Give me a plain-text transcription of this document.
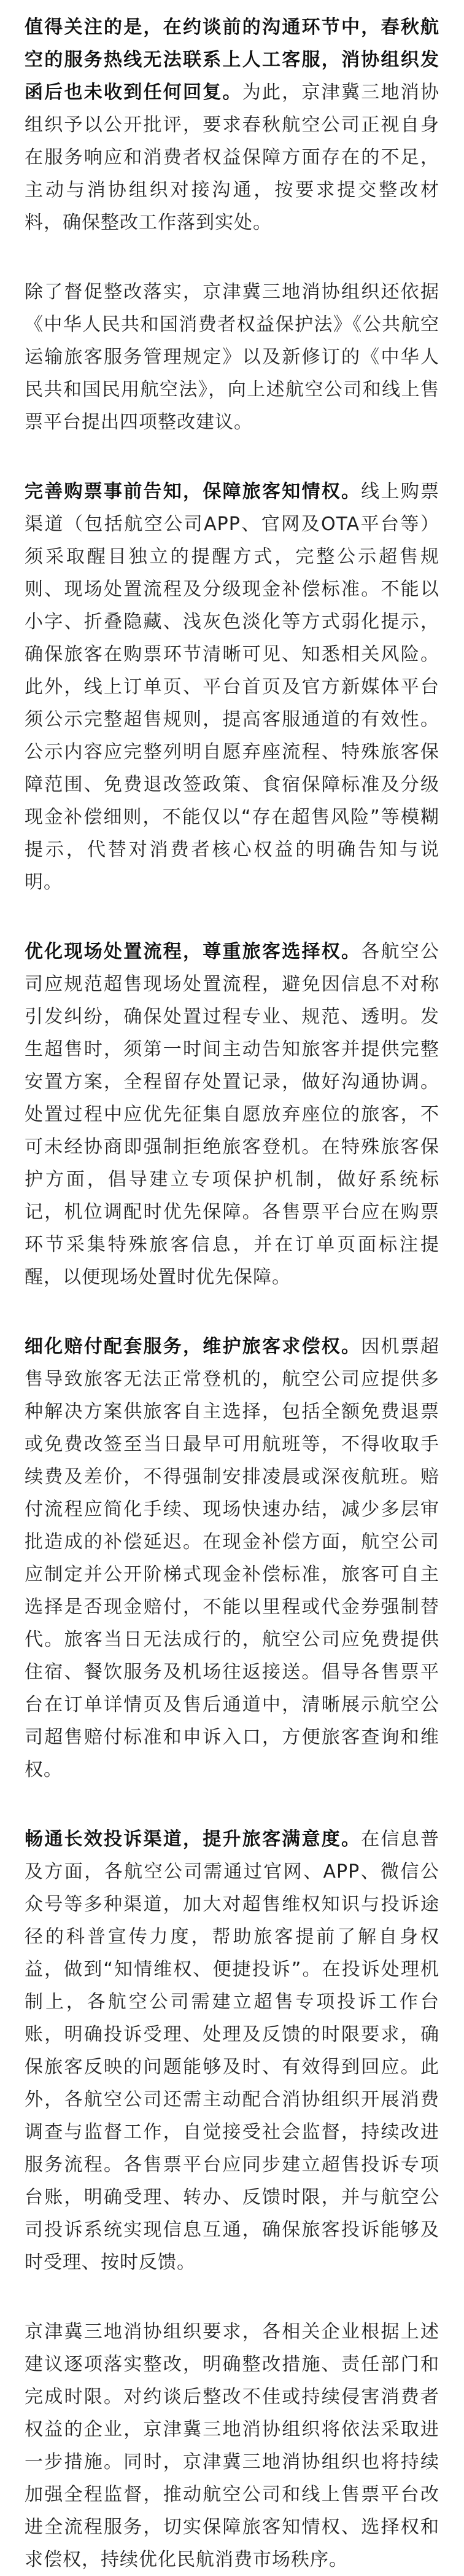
值得关注的是，在约谈前的沟通环节中，春秋航空的服务热线无法联系上人工客服，消协组织发函后也未收到任何回复。为此，京津冀三地消协组织予以公开批评，要求春秋航空公司正视自身在服务响应和消费者权益保障方面存在的不足，主动与消协组织对接沟通，按要求提交整改材料，确保整改工作落到实处。

除了督促整改落实，京津冀三地消协组织还依据《中华人民共和国消费者权益保护法》《公共航空运输旅客服务管理规定》以及新修订的《中华人民共和国民用航空法》，向上述航空公司和线上售票平台提出四项整改建议。

完善购票事前告知，保障旅客知情权。线上购票渠道（包括航空公司APP、官网及OTA平台等）须采取醒目独立的提醒方式，完整公示超售规则、现场处置流程及分级现金补偿标准。不能以小字、折叠隐藏、浅灰色淡化等方式弱化提示，确保旅客在购票环节清晰可见、知悉相关风险。此外，线上订单页、平台首页及官方新媒体平台须公示完整超售规则，提高客服通道的有效性。公示内容应完整列明自愿弃座流程、特殊旅客保障范围、免费退改签政策、食宿保障标准及分级现金补偿细则，不能仅以“存在超售风险”等模糊提示，代替对消费者核心权益的明确告知与说明。

优化现场处置流程，尊重旅客选择权。各航空公司应规范超售现场处置流程，避免因信息不对称引发纠纷，确保处置过程专业、规范、透明。发生超售时，须第一时间主动告知旅客并提供完整安置方案，全程留存处置记录，做好沟通协调。处置过程中应优先征集自愿放弃座位的旅客，不可未经协商即强制拒绝旅客登机。在特殊旅客保护方面，倡导建立专项保护机制，做好系统标记，机位调配时优先保障。各售票平台应在购票环节采集特殊旅客信息，并在订单页面标注提醒，以便现场处置时优先保障。

细化赔付配套服务，维护旅客求偿权。因机票超售导致旅客无法正常登机的，航空公司应提供多种解决方案供旅客自主选择，包括全额免费退票或免费改签至当日最早可用航班等，不得收取手续费及差价，不得强制安排凌晨或深夜航班。赔付流程应简化手续、现场快速办结，减少多层审批造成的补偿延迟。在现金补偿方面，航空公司应制定并公开阶梯式现金补偿标准，旅客可自主选择是否现金赔付，不能以里程或代金券强制替代。旅客当日无法成行的，航空公司应免费提供住宿、餐饮服务及机场往返接送。倡导各售票平台在订单详情页及售后通道中，清晰展示航空公司超售赔付标准和申诉入口，方便旅客查询和维权。

畅通长效投诉渠道，提升旅客满意度。在信息普及方面，各航空公司需通过官网、APP、微信公众号等多种渠道，加大对超售维权知识与投诉途径的科普宣传力度，帮助旅客提前了解自身权益，做到“知情维权、便捷投诉”。在投诉处理机制上，各航空公司需建立超售专项投诉工作台账，明确投诉受理、处理及反馈的时限要求，确保旅客反映的问题能够及时、有效得到回应。此外，各航空公司还需主动配合消协组织开展消费调查与监督工作，自觉接受社会监督，持续改进服务流程。各售票平台应同步建立超售投诉专项台账，明确受理、转办、反馈时限，并与航空公司投诉系统实现信息互通，确保旅客投诉能够及时受理、按时反馈。

京津冀三地消协组织要求，各相关企业根据上述建议逐项落实整改，明确整改措施、责任部门和完成时限。对约谈后整改不佳或持续侵害消费者权益的企业，京津冀三地消协组织将依法采取进一步措施。同时，京津冀三地消协组织也将持续加强全程监督，推动航空公司和线上售票平台改进全流程服务，切实保障旅客知情权、选择权和求偿权，持续优化民航消费市场秩序。
